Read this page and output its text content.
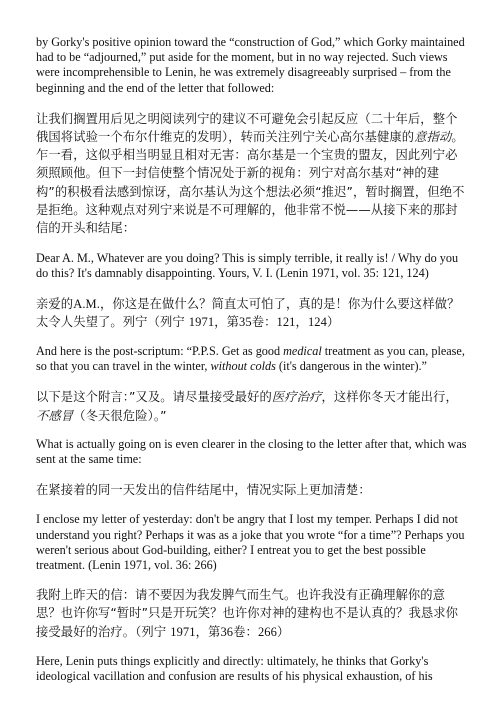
by Gorky's positive opinion toward the “construction of God,” which Gorky maintained had to be “adjourned,” put aside for the moment, but in no way rejected. Such views were incomprehensible to Lenin, he was extremely disagreeably surprised – from the beginning and the end of the letter that followed:

让我们搁置用后见之明阅读列宁的建议不可避免会引起反应（二十年后，整个俄国将试验一个布尔什维克的发明），转而关注列宁关心高尔基健康的意指动。乍一看，这似乎相当明显且相对无害：高尔基是一个宝贵的盟友，因此列宁必须照顾他。但下一封信使整个情况处于新的视角：列宁对高尔基对“神的建构”的积极看法感到惊讶，高尔基认为这个想法必须“推迟”，暂时搁置，但绝不是拒绝。这种观点对列宁来说是不可理解的，他非常不悦——从接下来的那封信的开头和结尾：

Dear A. M., Whatever are you doing? This is simply terrible, it really is! / Why do you do this? It's damnably disappointing. Yours, V. I. (Lenin 1971, vol. 35: 121, 124)

亲爱的A.M.，你这是在做什么？简直太可怕了，真的是！你为什么要这样做？太令人失望了。列宁（列宁 1971，第35卷：121，124）

And here is the post-scriptum: “P.P.S. Get as good medical treatment as you can, please, so that you can travel in the winter, without colds (it's dangerous in the winter).”

以下是这个附言：”又及。请尽量接受最好的医疗治疗，这样你冬天才能出行，不感冒（冬天很危险）。”

What is actually going on is even clearer in the closing to the letter after that, which was sent at the same time:

在紧接着的同一天发出的信件结尾中，情况实际上更加清楚：

I enclose my letter of yesterday: don't be angry that I lost my temper. Perhaps I did not understand you right? Perhaps it was as a joke that you wrote “for a time”? Perhaps you weren't serious about God-building, either? I entreat you to get the best possible treatment. (Lenin 1971, vol. 36: 266)

我附上昨天的信：请不要因为我发脾气而生气。也许我没有正确理解你的意思？也许你写“暂时”只是开玩笑？也许你对神的建构也不是认真的？我恳求你接受最好的治疗。（列宁 1971，第36卷：266）

Here, Lenin puts things explicitly and directly: ultimately, he thinks that Gorky's ideological vacillation and confusion are results of his physical exhaustion, of his
